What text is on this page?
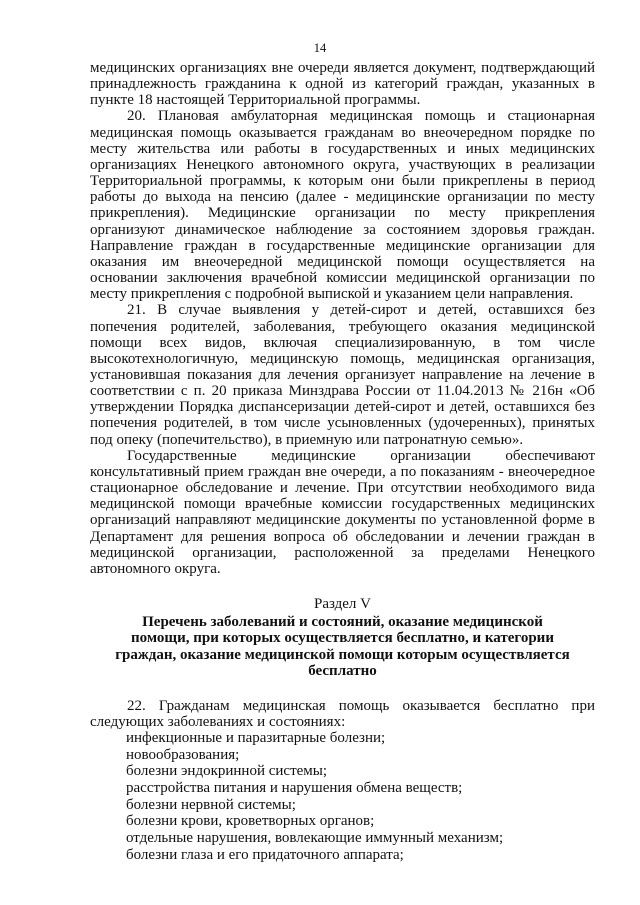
14

медицинских организациях вне очереди является документ, подтверждающий принадлежность гражданина к одной из категорий граждан, указанных в пункте 18 настоящей Территориальной программы.

20. Плановая амбулаторная медицинская помощь и стационарная медицинская помощь оказывается гражданам во внеочередном порядке по месту жительства или работы в государственных и иных медицинских организациях Ненецкого автономного округа, участвующих в реализации Территориальной программы, к которым они были прикреплены в период работы до выхода на пенсию (далее - медицинские организации по месту прикрепления). Медицинские организации по месту прикрепления организуют динамическое наблюдение за состоянием здоровья граждан. Направление граждан в государственные медицинские организации для оказания им внеочередной медицинской помощи осуществляется на основании заключения врачебной комиссии медицинской организации по месту прикрепления с подробной выпиской и указанием цели направления.

21. В случае выявления у детей-сирот и детей, оставшихся без попечения родителей, заболевания, требующего оказания медицинской помощи всех видов, включая специализированную, в том числе высокотехнологичную, медицинскую помощь, медицинская организация, установившая показания для лечения организует направление на лечение в соответствии с п. 20 приказа Минздрава России от 11.04.2013 № 216н «Об утверждении Порядка диспансеризации детей-сирот и детей, оставшихся без попечения родителей, в том числе усыновленных (удочеренных), принятых под опеку (попечительство), в приемную или патронатную семью».

Государственные медицинские организации обеспечивают консультативный прием граждан вне очереди, а по показаниям - внеочередное стационарное обследование и лечение. При отсутствии необходимого вида медицинской помощи врачебные комиссии государственных медицинских организаций направляют медицинские документы по установленной форме в Департамент для решения вопроса об обследовании и лечении граждан в медицинской организации, расположенной за пределами Ненецкого автономного округа.

Раздел V
Перечень заболеваний и состояний, оказание медицинской
помощи, при которых осуществляется бесплатно, и категории
граждан, оказание медицинской помощи которым осуществляется
бесплатно

22. Гражданам медицинская помощь оказывается бесплатно при следующих заболеваниях и состояниях:

инфекционные и паразитарные болезни;
новообразования;
болезни эндокринной системы;
расстройства питания и нарушения обмена веществ;
болезни нервной системы;
болезни крови, кроветворных органов;
отдельные нарушения, вовлекающие иммунный механизм;
болезни глаза и его придаточного аппарата;
